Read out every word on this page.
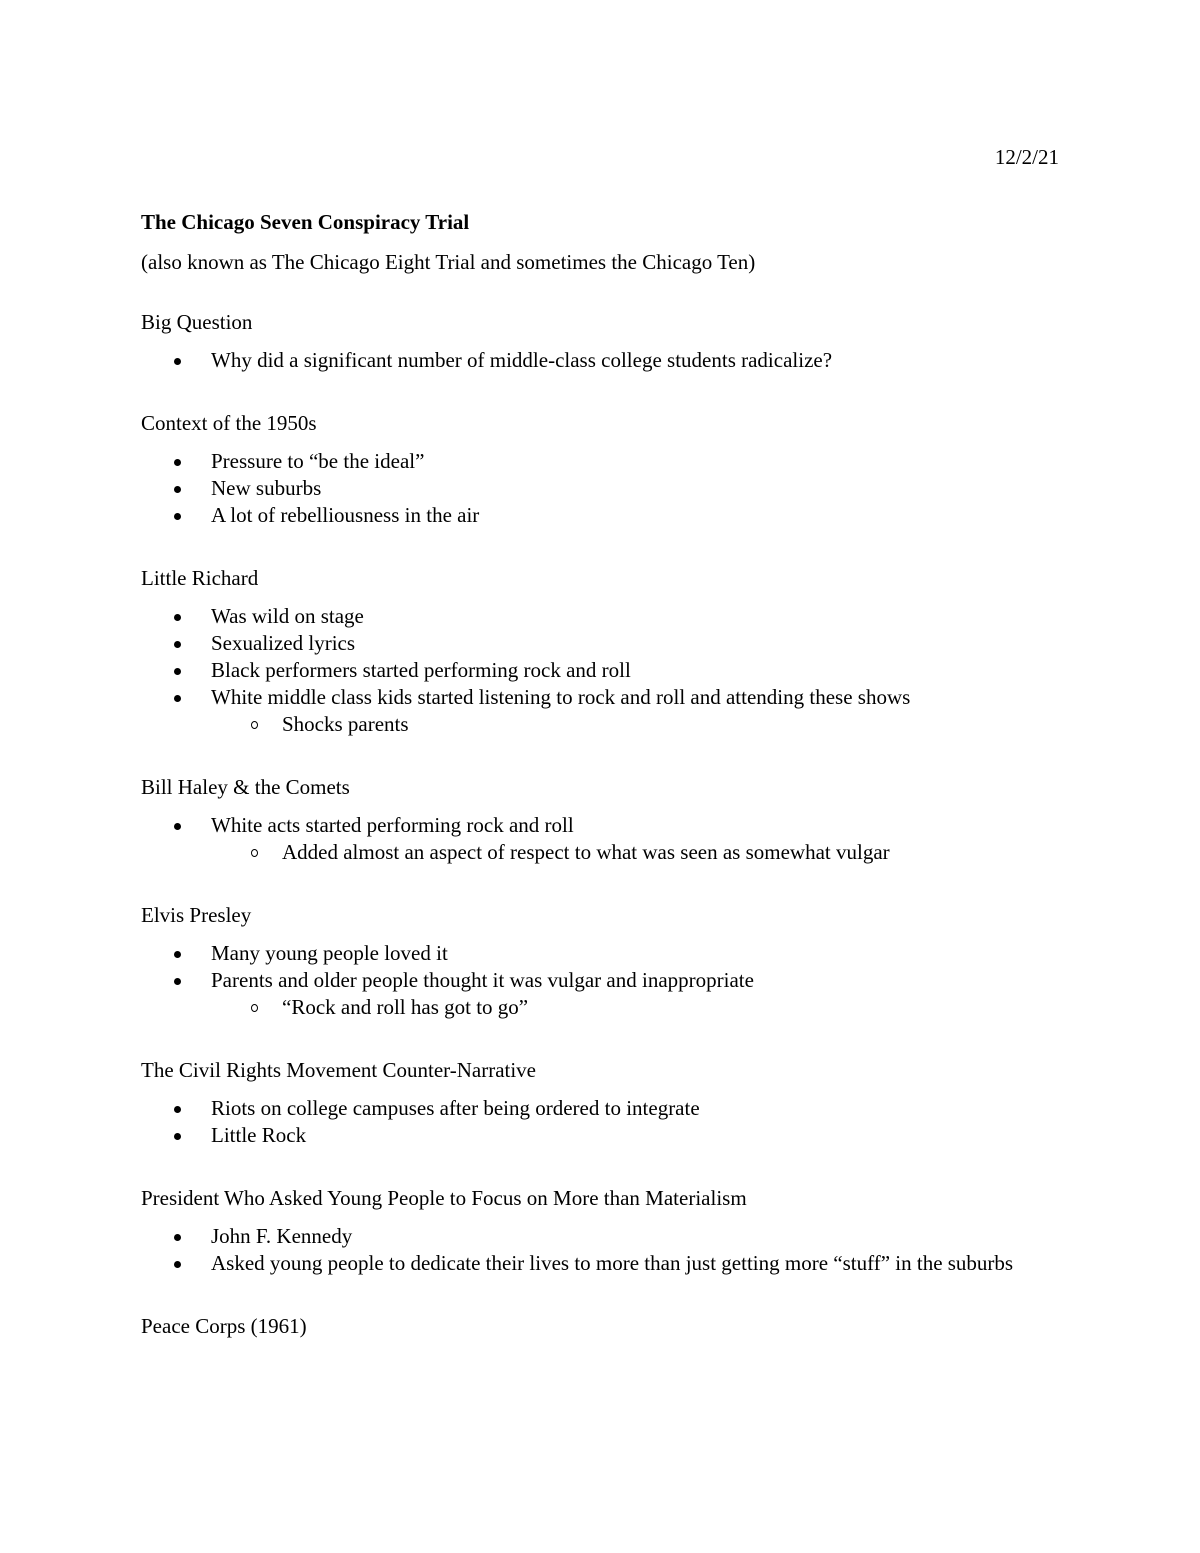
12/2/21
The Chicago Seven Conspiracy Trial
(also known as The Chicago Eight Trial and sometimes the Chicago Ten)
Big Question
Why did a significant number of middle-class college students radicalize?
Context of the 1950s
Pressure to “be the ideal”
New suburbs
A lot of rebelliousness in the air
Little Richard
Was wild on stage
Sexualized lyrics
Black performers started performing rock and roll
White middle class kids started listening to rock and roll and attending these shows
Shocks parents
Bill Haley & the Comets
White acts started performing rock and roll
Added almost an aspect of respect to what was seen as somewhat vulgar
Elvis Presley
Many young people loved it
Parents and older people thought it was vulgar and inappropriate
“Rock and roll has got to go”
The Civil Rights Movement Counter-Narrative
Riots on college campuses after being ordered to integrate
Little Rock
President Who Asked Young People to Focus on More than Materialism
John F. Kennedy
Asked young people to dedicate their lives to more than just getting more “stuff” in the suburbs
Peace Corps (1961)
